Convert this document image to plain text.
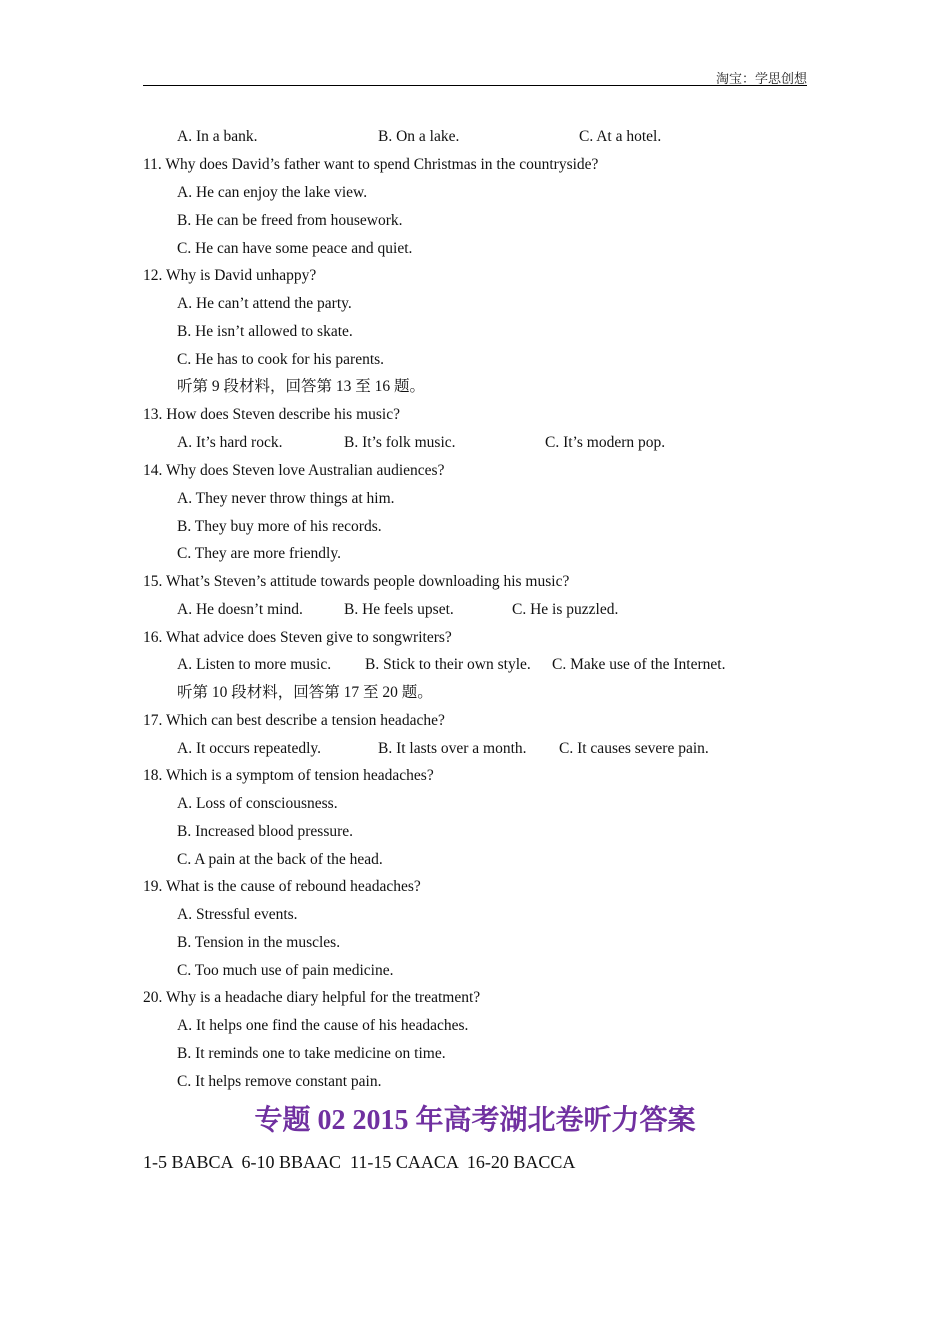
淘宝：学思创想
A. In a bank.	B. On a lake.	C. At a hotel.
11. Why does David’s father want to spend Christmas in the countryside?
A. He can enjoy the lake view.
B. He can be freed from housework.
C. He can have some peace and quiet.
12. Why is David unhappy?
A. He can’t attend the party.
B. He isn’t allowed to skate.
C. He has to cook for his parents.
听第 9 段材料，回答第 13 至 16 题。
13. How does Steven describe his music?
A. It’s hard rock.	B. It’s folk music.	C. It’s modern pop.
14. Why does Steven love Australian audiences?
A. They never throw things at him.
B. They buy more of his records.
C. They are more friendly.
15. What’s Steven’s attitude towards people downloading his music?
A. He doesn’t mind.	B. He feels upset.	C. He is puzzled.
16. What advice does Steven give to songwriters?
A. Listen to more music. B. Stick to their own style. C. Make use of the Internet.
听第 10 段材料，回答第 17 至 20 题。
17. Which can best describe a tension headache?
A. It occurs repeatedly.	B. It lasts over a month. C. It causes severe pain.
18. Which is a symptom of tension headaches?
A. Loss of consciousness.
B. Increased blood pressure.
C. A pain at the back of the head.
19. What is the cause of rebound headaches?
A. Stressful events.
B. Tension in the muscles.
C. Too much use of pain medicine.
20. Why is a headache diary helpful for the treatment?
A. It helps one find the cause of his headaches.
B. It reminds one to take medicine on time.
C. It helps remove constant pain.
专题 02 2015 年高考湖北卷听力答案
1-5 BABCA  6-10 BBAAC  11-15 CAACA  16-20 BACCA
